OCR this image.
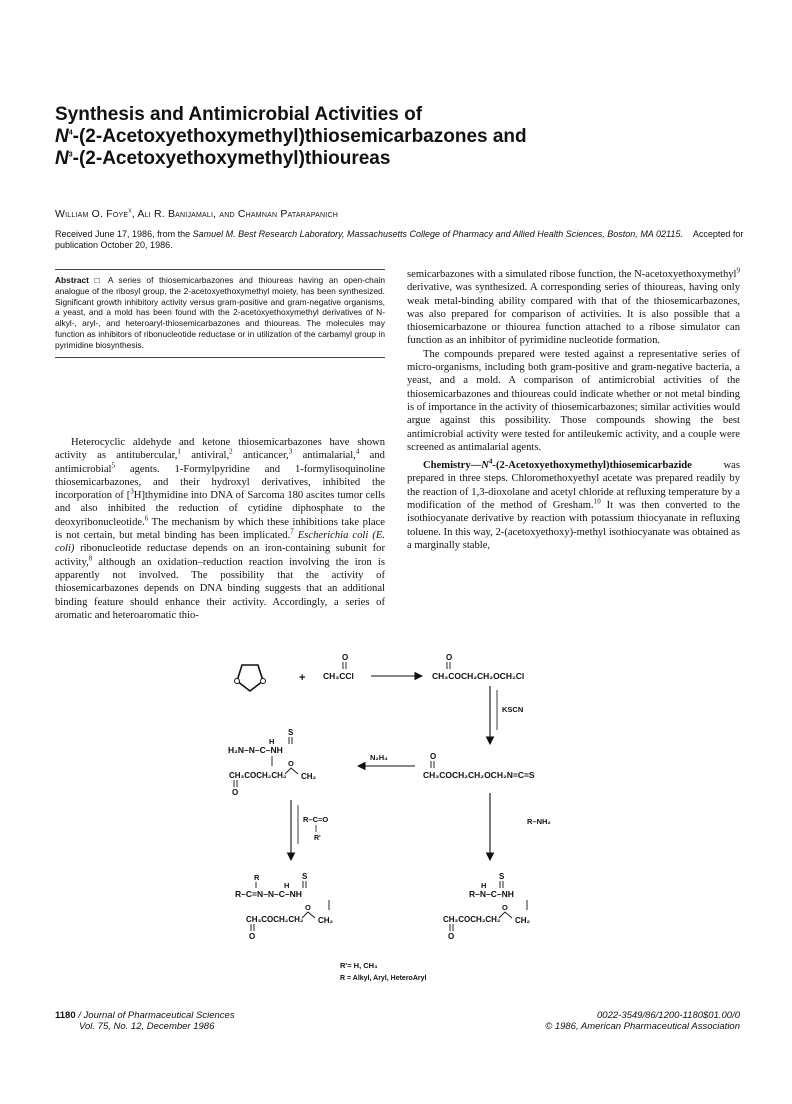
Synthesis and Antimicrobial Activities of
$N^4-(2-Acetoxyethoxymethyl)thiosemicarbazones$ and
$N^3-(2-Acetoxyethoxymethyl)thioureas$
William O. Foye$^x$, Ali R. Banijamali, and Chamnan Patarapanich
Received June 17, 1986, from the Samuel M. Best Research Laboratory, Massachusetts College of Pharmacy and Allied Health Sciences, Boston, MA 02115. Accepted for publication October 20, 1986.
Abstract □ A series of thiosemicarbazones and thioureas having an open-chain analogue of the ribosyl group, the 2-acetoxyethoxymethyl moiety, has been synthesized. Significant growth inhibitory activity versus gram-positive and gram-negative organisms, a yeast, and a mold has been found with the 2-acetoxyethoxymethyl derivatives of N-alkyl-, aryl-, and heteroaryl-thiosemicarbazones and thioureas. The molecules may function as inhibitors of ribonucleotide reductase or in utilization of the carbamyl group in pyrimidine biosynthesis.

Heterocyclic aldehyde and ketone thiosemicarbazones have shown activity as antitubercular,$^1$ antiviral,$^2$ anticancer,$^3$ antimalarial,$^4$ and antimicrobial$^5$ agents. 1-Formylpyridine and 1-formylisoquinoline thiosemicarbazones, and their hydroxyl derivatives, inhibited the incorporation of [$^3$H]thymidine into DNA of Sarcoma 180 ascites tumor cells and also inhibited the reduction of cytidine diphosphate to the deoxyribonucleotide.$^6$ The mechanism by which these inhibitions take place is not certain, but metal binding has been implicated.$^7$ Escherichia coli (E. coli) ribonucleotide reductase depends on an iron-containing subunit for activity,$^8$ although an oxidation–reduction reaction involving the iron is apparently not involved. The possibility that the activity of thiosemicarbazones depends on DNA binding suggests that an additional binding feature should enhance their activity. Accordingly, a series of aromatic and heteroaromatic thio-

semicarbazones with a simulated ribose function, the N-acetoxyethoxymethyl$^9$ derivative, was synthesized. A corresponding series of thioureas, having only weak metal-binding ability compared with that of the thiosemicarbazones, was also prepared for comparison of activities. It is also possible that a thiosemicarbazone or thiourea function attached to a ribose simulator can function as an inhibitor of pyrimidine nucleotide formation.

The compounds prepared were tested against a representative series of micro-organisms, including both gram-positive and gram-negative bacteria, a yeast, and a mold. A comparison of antimicrobial activities of the thiosemicarbazones and thioureas could indicate whether or not metal binding is of importance in the activity of thiosemicarbazones; similar activities would argue against this possibility. Those compounds showing the best antimicrobial activity were tested for antileukemic activity, and a couple were screened as antimalarial agents.

$Chemistry—N^4-(2-Acetoxyethoxymethyl)thiosemicarbazide$ was prepared in three steps. Chloromethoxyethyl acetate was prepared readily by the reaction of 1,3-dioxolane and acetyl chloride at refluxing temperature by a modification of the method of Gresham.$^{10}$ It was then converted to the isothiocyanate derivative by reaction with potassium thiocyanate in refluxing toluene. In this way, 2-(acetoxyethoxy)-methyl isothiocyanate was obtained as a marginally stable,

+
O
CH₃CCl
O
CH₃COCH₂CH₂OCH₂Cl
KSCN
O
CH₃COCH₂CH₂OCH₂N=C=S
N₂H₄
S
H
H₂N–N–C–NH
CH₃COCH₂CH₂
O
CH₂
O
R–C=O
R'
R–NH₂
R	S
H
R–C=N–N–C–NH
CH₃COCH₂CH₂
O
CH₂
O
S
H
R–N–C–NH
CH₃COCH₂CH₂
O
CH₂
O
R'= H, CH₃
R = Alkyl, Aryl, HeteroAryl
1180 / Journal of Pharmaceutical Sciences
Vol. 75, No. 12, December 1986
0022-3549/86/1200-1180$01.00/0
© 1986, American Pharmaceutical Association
